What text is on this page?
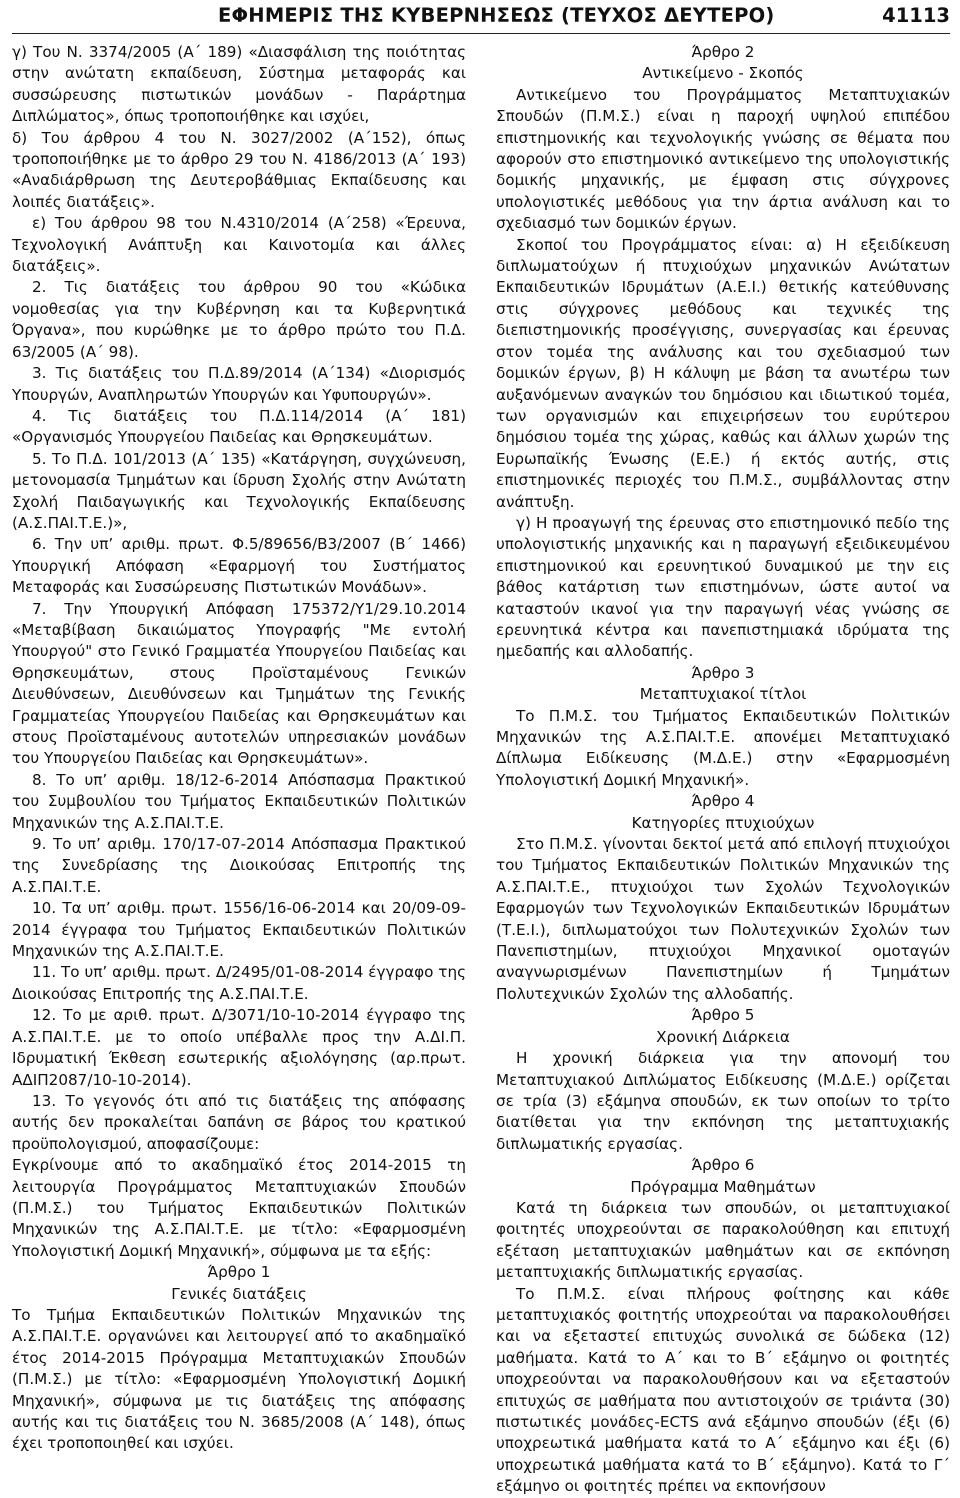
ΕΦΗΜΕΡΙΣ ΤΗΣ ΚΥΒΕΡΝΗΣΕΩΣ (ΤΕΥΧΟΣ ΔΕΥΤΕΡΟ)	41113

γ) Του Ν. 3374/2005 (Α΄ 189) «Διασφάλιση της ποιότητας στην ανώτατη εκπαίδευση, Σύστημα μεταφοράς και συσσώρευσης πιστωτικών μονάδων - Παράρτημα Διπλώματος», όπως τροποποιήθηκε και ισχύει,

δ) Του άρθρου 4 του Ν. 3027/2002 (Α΄152), όπως τροποποιήθηκε με το άρθρο 29 του Ν. 4186/2013 (Α΄ 193) «Αναδιάρθρωση της Δευτεροβάθμιας Εκπαίδευσης και λοιπές διατάξεις».

ε) Του άρθρου 98 του Ν.4310/2014 (Α΄258) «Έρευνα, Τεχνολογική Ανάπτυξη και Καινοτομία και άλλες διατάξεις».

2. Τις διατάξεις του άρθρου 90 του «Κώδικα νομοθεσίας για την Κυβέρνηση και τα Κυβερνητικά Όργανα», που κυρώθηκε με το άρθρο πρώτο του Π.Δ. 63/2005 (Α΄ 98).

3. Τις διατάξεις του Π.Δ.89/2014 (Α΄134) «Διορισμός Υπουργών, Αναπληρωτών Υπουργών και Υφυπουργών».

4. Τις διατάξεις του Π.Δ.114/2014 (Α΄ 181) «Οργανισμός Υπουργείου Παιδείας και Θρησκευμάτων.

5. Το Π.Δ. 101/2013 (Α΄ 135) «Κατάργηση, συγχώνευση, μετονομασία Τμημάτων και ίδρυση Σχολής στην Ανώτατη Σχολή Παιδαγωγικής και Τεχνολογικής Εκπαίδευσης (Α.Σ.ΠΑΙ.Τ.Ε.)»,

6. Την υπ’ αριθμ. πρωτ. Φ.5/89656/Β3/2007 (Β΄ 1466) Υπουργική Απόφαση «Εφαρμογή του Συστήματος Μεταφοράς και Συσσώρευσης Πιστωτικών Μονάδων».

7. Την Υπουργική Απόφαση 175372/Υ1/29.10.2014 «Μεταβίβαση δικαιώματος Υπογραφής "Με εντολή Υπουργού" στο Γενικό Γραμματέα Υπουργείου Παιδείας και Θρησκευμάτων, στους Προϊσταμένους Γενικών Διευθύνσεων, Διευθύνσεων και Τμημάτων της Γενικής Γραμματείας Υπουργείου Παιδείας και Θρησκευμάτων και στους Προϊσταμένους αυτοτελών υπηρεσιακών μονάδων του Υπουργείου Παιδείας και Θρησκευμάτων».

8. Το υπ’ αριθμ. 18/12-6-2014 Απόσπασμα Πρακτικού του Συμβουλίου του Τμήματος Εκπαιδευτικών Πολιτικών Μηχανικών της Α.Σ.ΠΑΙ.Τ.Ε.

9. Το υπ’ αριθμ. 170/17-07-2014 Απόσπασμα Πρακτικού της Συνεδρίασης της Διοικούσας Επιτροπής της Α.Σ.ΠΑΙ.Τ.Ε.

10. Τα υπ’ αριθμ. πρωτ. 1556/16-06-2014 και 20/09-09-2014 έγγραφα του Τμήματος Εκπαιδευτικών Πολιτικών Μηχανικών της Α.Σ.ΠΑΙ.Τ.Ε.

11. Το υπ’ αριθμ. πρωτ. Δ/2495/01-08-2014 έγγραφο της Διοικούσας Επιτροπής της Α.Σ.ΠΑΙ.Τ.Ε.

12. Το με αριθ. πρωτ. Δ/3071/10-10-2014 έγγραφο της Α.Σ.ΠΑΙ.Τ.Ε. με το οποίο υπέβαλλε προς την Α.ΔΙ.Π. Ιδρυματική Έκθεση εσωτερικής αξιολόγησης (αρ.πρωτ. ΑΔΙΠ2087/10-10-2014).

13. Το γεγονός ότι από τις διατάξεις της απόφασης αυτής δεν προκαλείται δαπάνη σε βάρος του κρατικού προϋπολογισμού, αποφασίζουμε:

Εγκρίνουμε από το ακαδημαϊκό έτος 2014-2015 τη λειτουργία Προγράμματος Μεταπτυχιακών Σπουδών (Π.Μ.Σ.) του Τμήματος Εκπαιδευτικών Πολιτικών Μηχανικών της Α.Σ.ΠΑΙ.Τ.Ε. με τίτλο: «Εφαρμοσμένη Υπολογιστική Δομική Μηχανική», σύμφωνα με τα εξής:

Άρθρο 1

Γενικές διατάξεις

Το Τμήμα Εκπαιδευτικών Πολιτικών Μηχανικών της Α.Σ.ΠΑΙ.Τ.Ε. οργανώνει και λειτουργεί από το ακαδημαϊκό έτος 2014-2015 Πρόγραμμα Μεταπτυχιακών Σπουδών (Π.Μ.Σ.) με τίτλο: «Εφαρμοσμένη Υπολογιστική Δομική Μηχανική», σύμφωνα με τις διατάξεις της απόφασης αυτής και τις διατάξεις του Ν. 3685/2008 (Α΄ 148), όπως έχει τροποποιηθεί και ισχύει.

Άρθρο 2

Αντικείμενο - Σκοπός

Αντικείμενο του Προγράμματος Μεταπτυχιακών Σπουδών (Π.Μ.Σ.) είναι η παροχή υψηλού επιπέδου επιστημονικής και τεχνολογικής γνώσης σε θέματα που αφορούν στο επιστημονικό αντικείμενο της υπολογιστικής δομικής μηχανικής, με έμφαση στις σύγχρονες υπολογιστικές μεθόδους για την άρτια ανάλυση και το σχεδιασμό των δομικών έργων.

Σκοποί του Προγράμματος είναι: α) Η εξειδίκευση διπλωματούχων ή πτυχιούχων μηχανικών Ανώτατων Εκπαιδευτικών Ιδρυμάτων (Α.Ε.Ι.) θετικής κατεύθυνσης στις σύγχρονες μεθόδους και τεχνικές της διεπιστημονικής προσέγγισης, συνεργασίας και έρευνας στον τομέα της ανάλυσης και του σχεδιασμού των δομικών έργων, β) Η κάλυψη με βάση τα ανωτέρω των αυξανόμενων αναγκών του δημόσιου και ιδιωτικού τομέα, των οργανισμών και επιχειρήσεων του ευρύτερου δημόσιου τομέα της χώρας, καθώς και άλλων χωρών της Ευρωπαϊκής Ένωσης (Ε.Ε.) ή εκτός αυτής, στις επιστημονικές περιοχές του Π.Μ.Σ., συμβάλλοντας στην ανάπτυξη.

γ) Η προαγωγή της έρευνας στο επιστημονικό πεδίο της υπολογιστικής μηχανικής και η παραγωγή εξειδικευμένου επιστημονικού και ερευνητικού δυναμικού με την εις βάθος κατάρτιση των επιστημόνων, ώστε αυτοί να καταστούν ικανοί για την παραγωγή νέας γνώσης σε ερευνητικά κέντρα και πανεπιστημιακά ιδρύματα της ημεδαπής και αλλοδαπής.

Άρθρο 3

Μεταπτυχιακοί τίτλοι

Το Π.Μ.Σ. του Τμήματος Εκπαιδευτικών Πολιτικών Μηχανικών της Α.Σ.ΠΑΙ.Τ.Ε. απονέμει Μεταπτυχιακό Δίπλωμα Ειδίκευσης (Μ.Δ.Ε.) στην «Εφαρμοσμένη Υπολογιστική Δομική Μηχανική».

Άρθρο 4

Κατηγορίες πτυχιούχων

Στο Π.Μ.Σ. γίνονται δεκτοί μετά από επιλογή πτυχιούχοι του Τμήματος Εκπαιδευτικών Πολιτικών Μηχανικών της Α.Σ.ΠΑΙ.Τ.Ε., πτυχιούχοι των Σχολών Τεχνολογικών Εφαρμογών των Τεχνολογικών Εκπαιδευτικών Ιδρυμάτων (Τ.Ε.Ι.), διπλωματούχοι των Πολυτεχνικών Σχολών των Πανεπιστημίων, πτυχιούχοι Μηχανικοί ομοταγών αναγνωρισμένων Πανεπιστημίων ή Τμημάτων Πολυτεχνικών Σχολών της αλλοδαπής.

Άρθρο 5

Χρονική Διάρκεια

Η χρονική διάρκεια για την απονομή του Μεταπτυχιακού Διπλώματος Ειδίκευσης (Μ.Δ.Ε.) ορίζεται σε τρία (3) εξάμηνα σπουδών, εκ των οποίων το τρίτο διατίθεται για την εκπόνηση της μεταπτυχιακής διπλωματικής εργασίας.

Άρθρο 6

Πρόγραμμα Μαθημάτων

Κατά τη διάρκεια των σπουδών, οι μεταπτυχιακοί φοιτητές υποχρεούνται σε παρακολούθηση και επιτυχή εξέταση μεταπτυχιακών μαθημάτων και σε εκπόνηση μεταπτυχιακής διπλωματικής εργασίας.

Το Π.Μ.Σ. είναι πλήρους φοίτησης και κάθε μεταπτυχιακός φοιτητής υποχρεούται να παρακολουθήσει και να εξεταστεί επιτυχώς συνολικά σε δώδεκα (12) μαθήματα. Κατά το Α΄ και το Β΄ εξάμηνο οι φοιτητές υποχρεούνται να παρακολουθήσουν και να εξεταστούν επιτυχώς σε μαθήματα που αντιστοιχούν σε τριάντα (30) πιστωτικές μονάδες-ECTS ανά εξάμηνο σπουδών (έξι (6) υποχρεωτικά μαθήματα κατά το Α΄ εξάμηνο και έξι (6) υποχρεωτικά μαθήματα κατά το Β΄ εξάμηνο). Κατά το Γ΄ εξάμηνο οι φοιτητές πρέπει να εκπονήσουν
